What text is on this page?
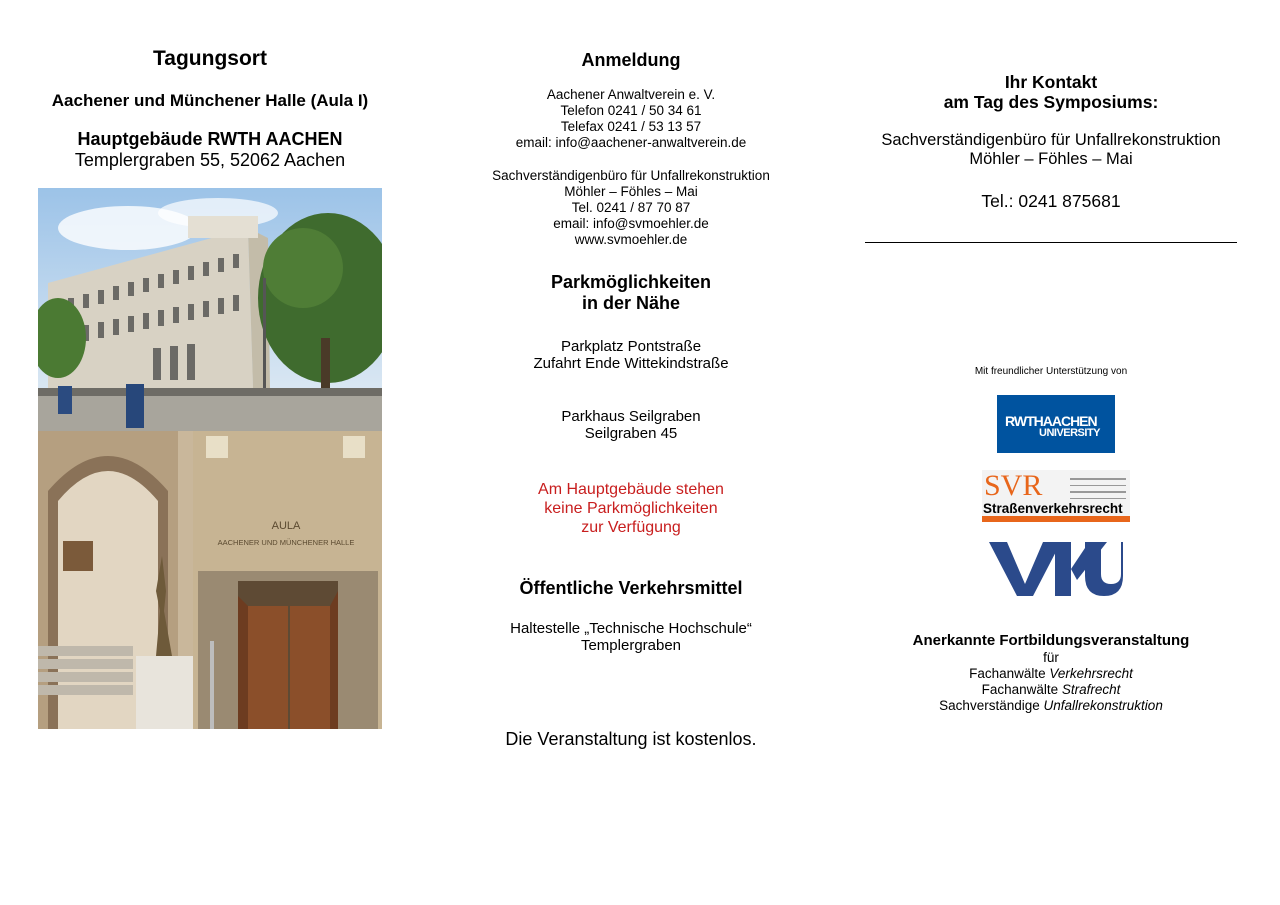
Tagungsort
Aachener und Münchener Halle (Aula I)
Hauptgebäude RWTH AACHEN
Templergraben 55, 52062 Aachen
AULA
AACHENER UND MÜNCHENER HALLE
Anmeldung
Aachener Anwaltverein e. V.
Telefon 0241 / 50 34 61
Telefax 0241 / 53 13 57
email: info@aachener-anwaltverein.de
Sachverständigenbüro für Unfallrekonstruktion
Möhler – Föhles – Mai
Tel. 0241 / 87 70 87
email: info@svmoehler.de
www.svmoehler.de
Parkmöglichkeiten
in der Nähe
Parkplatz Pontstraße
Zufahrt Ende Wittekindstraße
Parkhaus Seilgraben
Seilgraben 45
Am Hauptgebäude stehen
keine Parkmöglichkeiten
zur Verfügung
Öffentliche Verkehrsmittel
Haltestelle „Technische Hochschule“
Templergraben
Die Veranstaltung ist kostenlos.
Ihr Kontakt
am Tag des Symposiums:
Sachverständigenbüro für Unfallrekonstruktion
Möhler – Föhles – Mai
Tel.: 0241 875681
Mit freundlicher Unterstützung von
RWTHAACHEN
UNIVERSITY
SVR
Straßenverkehrsrecht
Anerkannte Fortbildungsveranstaltung
für
Fachanwälte Verkehrsrecht
Fachanwälte Strafrecht
Sachverständige Unfallrekonstruktion
